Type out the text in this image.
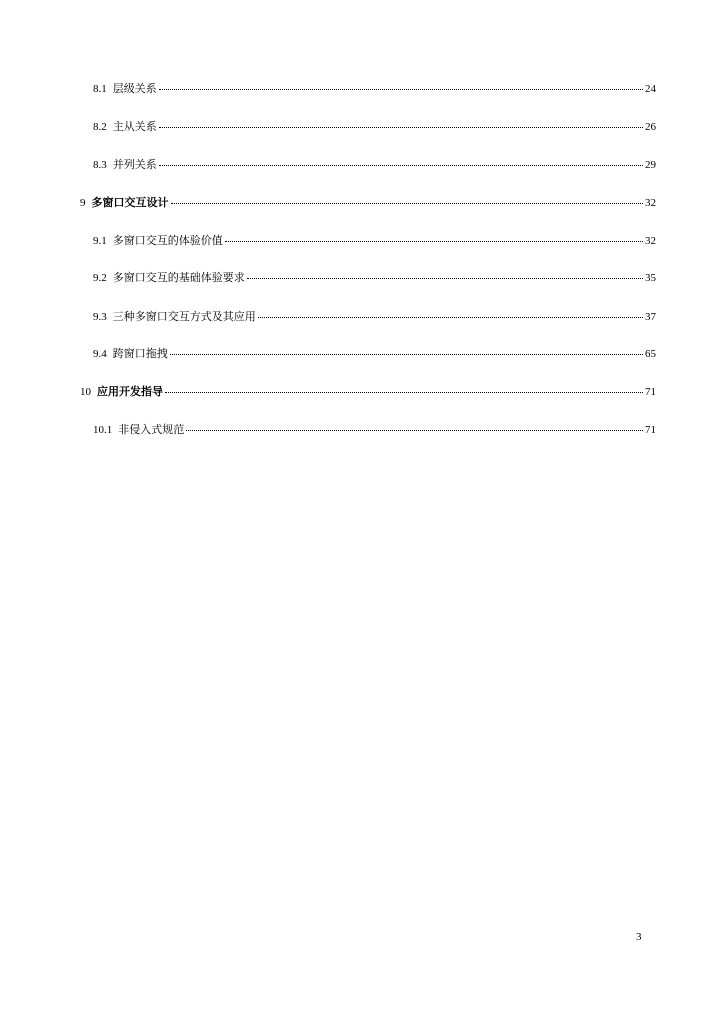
8.1 层级关系	24
8.2 主从关系	26
8.3 并列关系	29
9 多窗口交互设计	32
9.1 多窗口交互的体验价值	32
9.2 多窗口交互的基础体验要求	35
9.3 三种多窗口交互方式及其应用	37
9.4 跨窗口拖拽	65
10 应用开发指导	71
10.1 非侵入式规范	71
3
